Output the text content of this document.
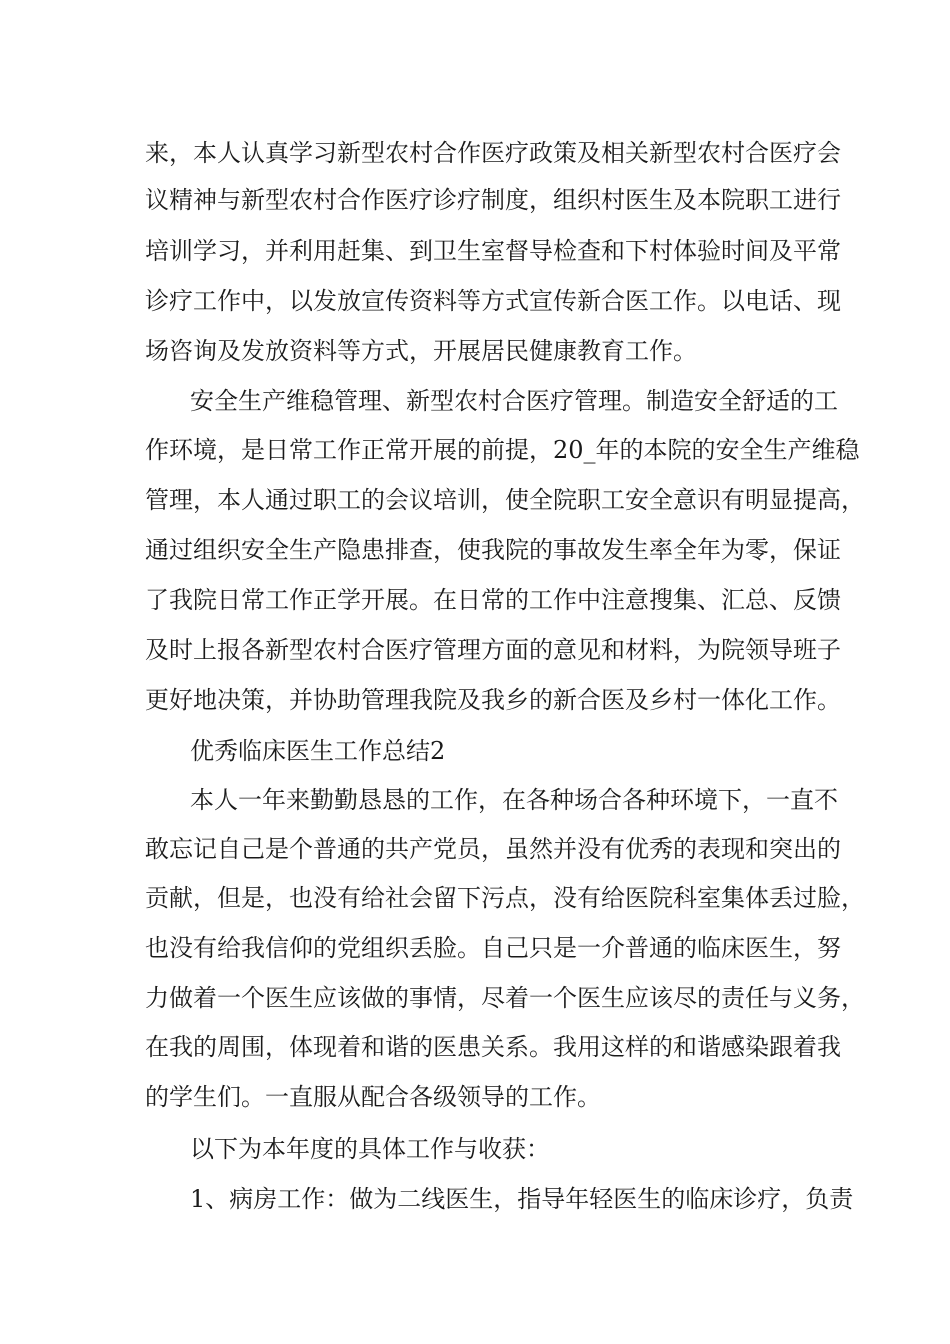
来，本人认真学习新型农村合作医疗政策及相关新型农村合医疗会
议精神与新型农村合作医疗诊疗制度，组织村医生及本院职工进行
培训学习，并利用赶集、到卫生室督导检查和下村体验时间及平常
诊疗工作中，以发放宣传资料等方式宣传新合医工作。以电话、现
场咨询及发放资料等方式，开展居民健康教育工作。
安全生产维稳管理、新型农村合医疗管理。制造安全舒适的工
作环境，是日常工作正常开展的前提，20_年的本院的安全生产维稳
管理，本人通过职工的会议培训，使全院职工安全意识有明显提高，
通过组织安全生产隐患排查，使我院的事故发生率全年为零，保证
了我院日常工作正学开展。在日常的工作中注意搜集、汇总、反馈
及时上报各新型农村合医疗管理方面的意见和材料，为院领导班子
更好地决策，并协助管理我院及我乡的新合医及乡村一体化工作。
优秀临床医生工作总结2
本人一年来勤勤恳恳的工作，在各种场合各种环境下，一直不
敢忘记自己是个普通的共产党员，虽然并没有优秀的表现和突出的
贡献，但是，也没有给社会留下污点，没有给医院科室集体丢过脸，
也没有给我信仰的党组织丢脸。自己只是一介普通的临床医生，努
力做着一个医生应该做的事情，尽着一个医生应该尽的责任与义务，
在我的周围，体现着和谐的医患关系。我用这样的和谐感染跟着我
的学生们。一直服从配合各级领导的工作。
以下为本年度的具体工作与收获：
1、病房工作：做为二线医生，指导年轻医生的临床诊疗，负责
